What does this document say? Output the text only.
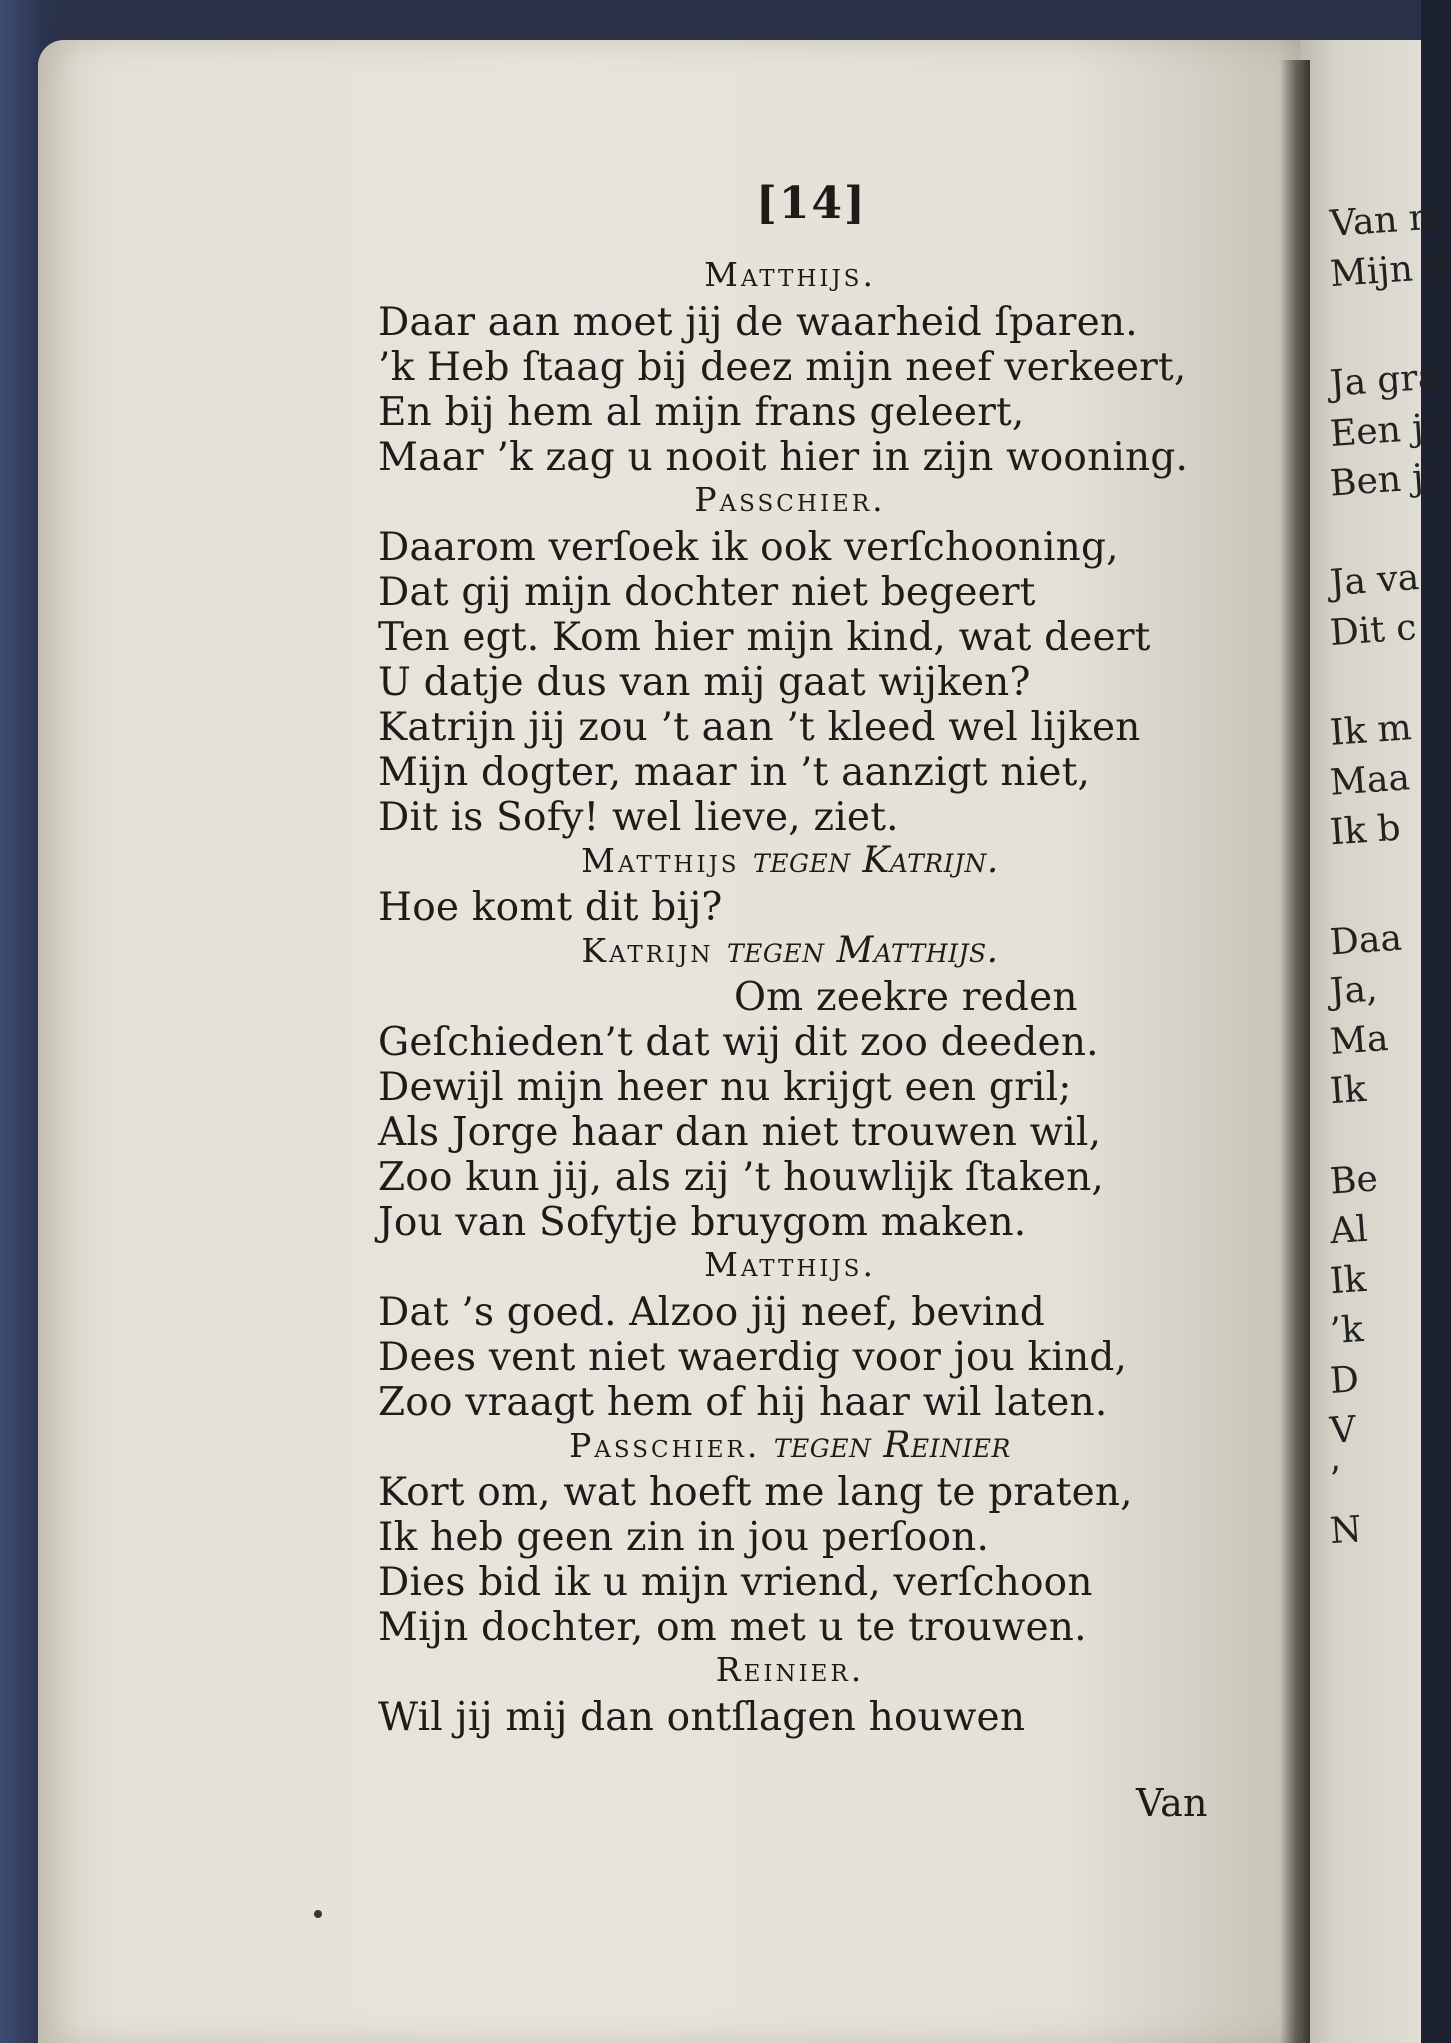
Van m
Mijn V
Ja gra
Een ju
Ben ji
Ja va
Dit c
Ik m
Maa
Ik b
Daa
Ja,
Ma
Ik
Be
Al
Ik
’k
D
V
’
N
[14]
Matthijs.
Daar aan moet jij de waarheid ſparen.
’k Heb ſtaag bij deez mijn neef verkeert,
En bij hem al mijn frans geleert,
Maar ’k zag u nooit hier in zijn wooning.
Passchier.
Daarom verſoek ik ook verſchooning,
Dat gij mijn dochter niet begeert
Ten egt. Kom hier mijn kind, wat deert
U datje dus van mij gaat wijken?
Katrijn jij zou ’t aan ’t kleed wel lijken
Mijn dogter, maar in ’t aanzigt niet,
Dit is Sofy! wel lieve, ziet.
Matthijs tegen Katrijn.
Hoe komt dit bij?
Katrijn tegen Matthijs.
Om zeekre reden
Geſchieden’t dat wij dit zoo deeden.
Dewijl mijn heer nu krijgt een gril;
Als Jorge haar dan niet trouwen wil,
Zoo kun jij, als zij ’t houwlijk ſtaken,
Jou van Sofytje bruygom maken.
Matthijs.
Dat ’s goed. Alzoo jij neef, bevind
Dees vent niet waerdig voor jou kind,
Zoo vraagt hem of hij haar wil laten.
Passchier. tegen Reinier
Kort om, wat hoeft me lang te praten,
Ik heb geen zin in jou perſoon.
Dies bid ik u mijn vriend, verſchoon
Mijn dochter, om met u te trouwen.
Reinier.
Wil jij mij dan ontſlagen houwen
Van
